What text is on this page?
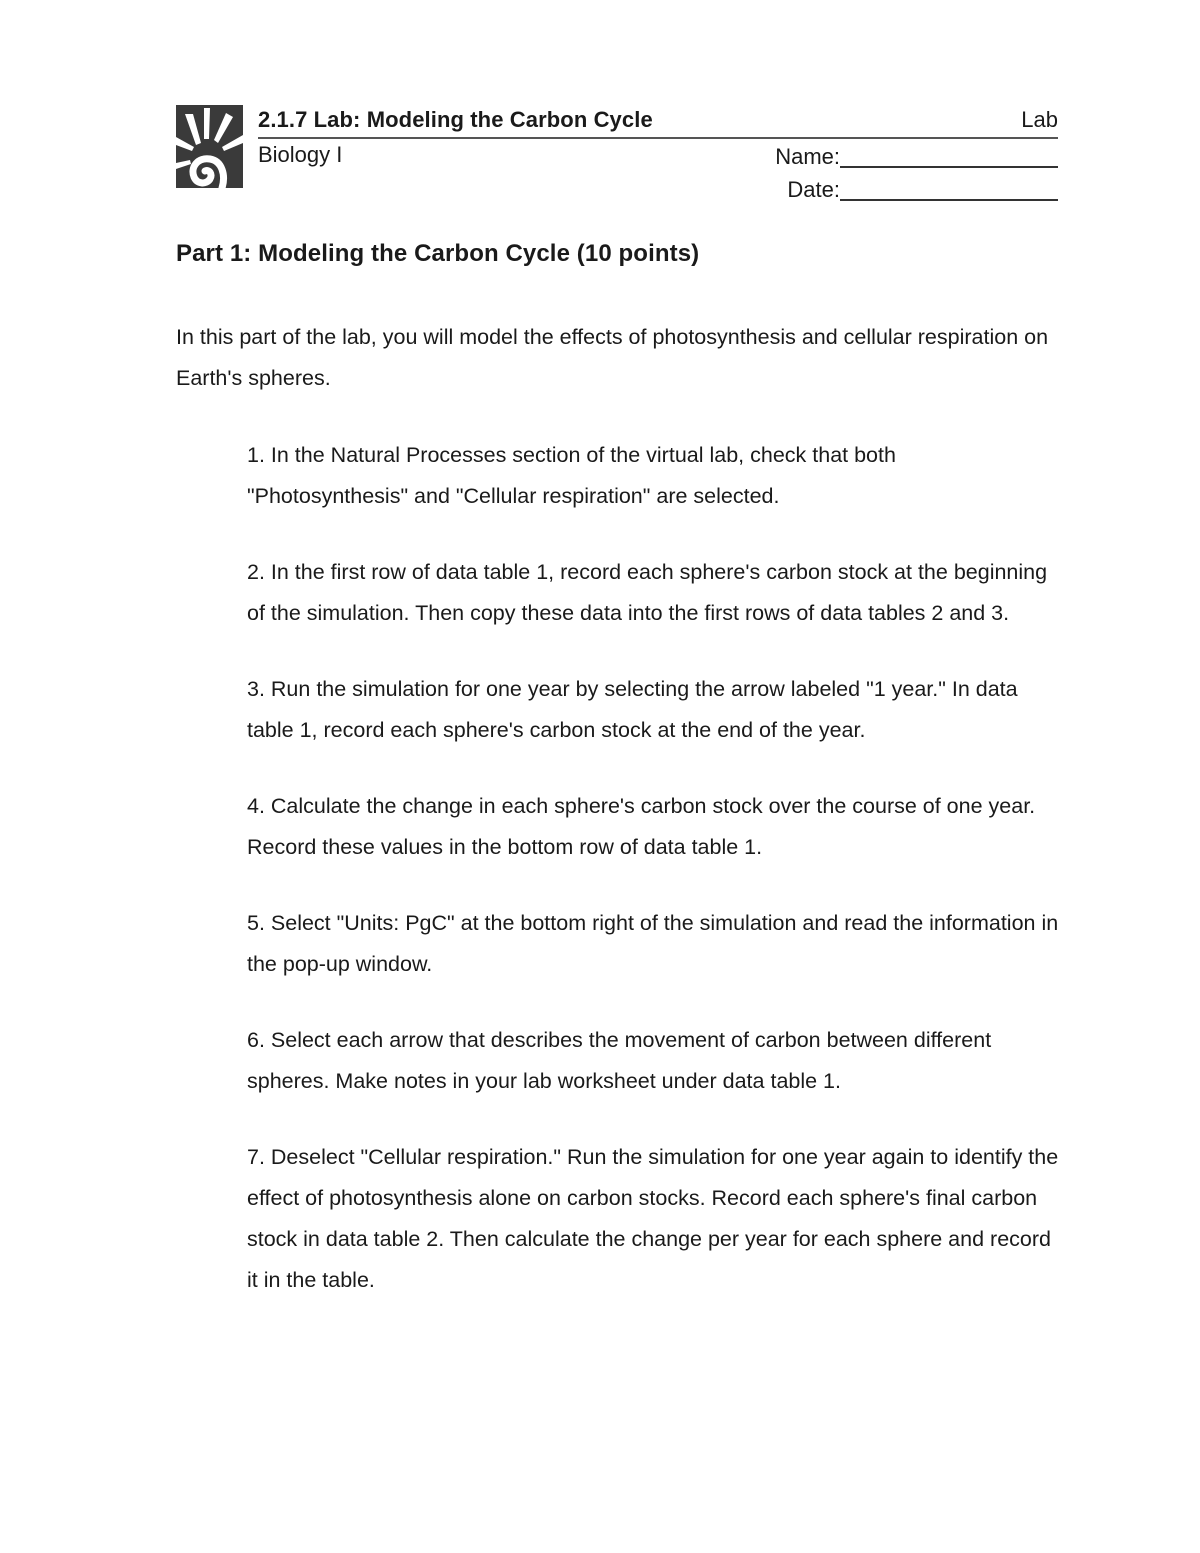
2.1.7 Lab: Modeling the Carbon Cycle	Lab
Biology I	Name:
Date:
Part 1: Modeling the Carbon Cycle (10 points)
In this part of the lab, you will model the effects of photosynthesis and cellular respiration on Earth's spheres.
1. In the Natural Processes section of the virtual lab, check that both "Photosynthesis" and "Cellular respiration" are selected.
2. In the first row of data table 1, record each sphere's carbon stock at the beginning of the simulation. Then copy these data into the first rows of data tables 2 and 3.
3. Run the simulation for one year by selecting the arrow labeled "1 year." In data table 1, record each sphere's carbon stock at the end of the year.
4. Calculate the change in each sphere's carbon stock over the course of one year. Record these values in the bottom row of data table 1.
5. Select "Units: PgC" at the bottom right of the simulation and read the information in the pop-up window.
6. Select each arrow that describes the movement of carbon between different spheres. Make notes in your lab worksheet under data table 1.
7. Deselect "Cellular respiration." Run the simulation for one year again to identify the effect of photosynthesis alone on carbon stocks. Record each sphere's final carbon stock in data table 2. Then calculate the change per year for each sphere and record it in the table.
